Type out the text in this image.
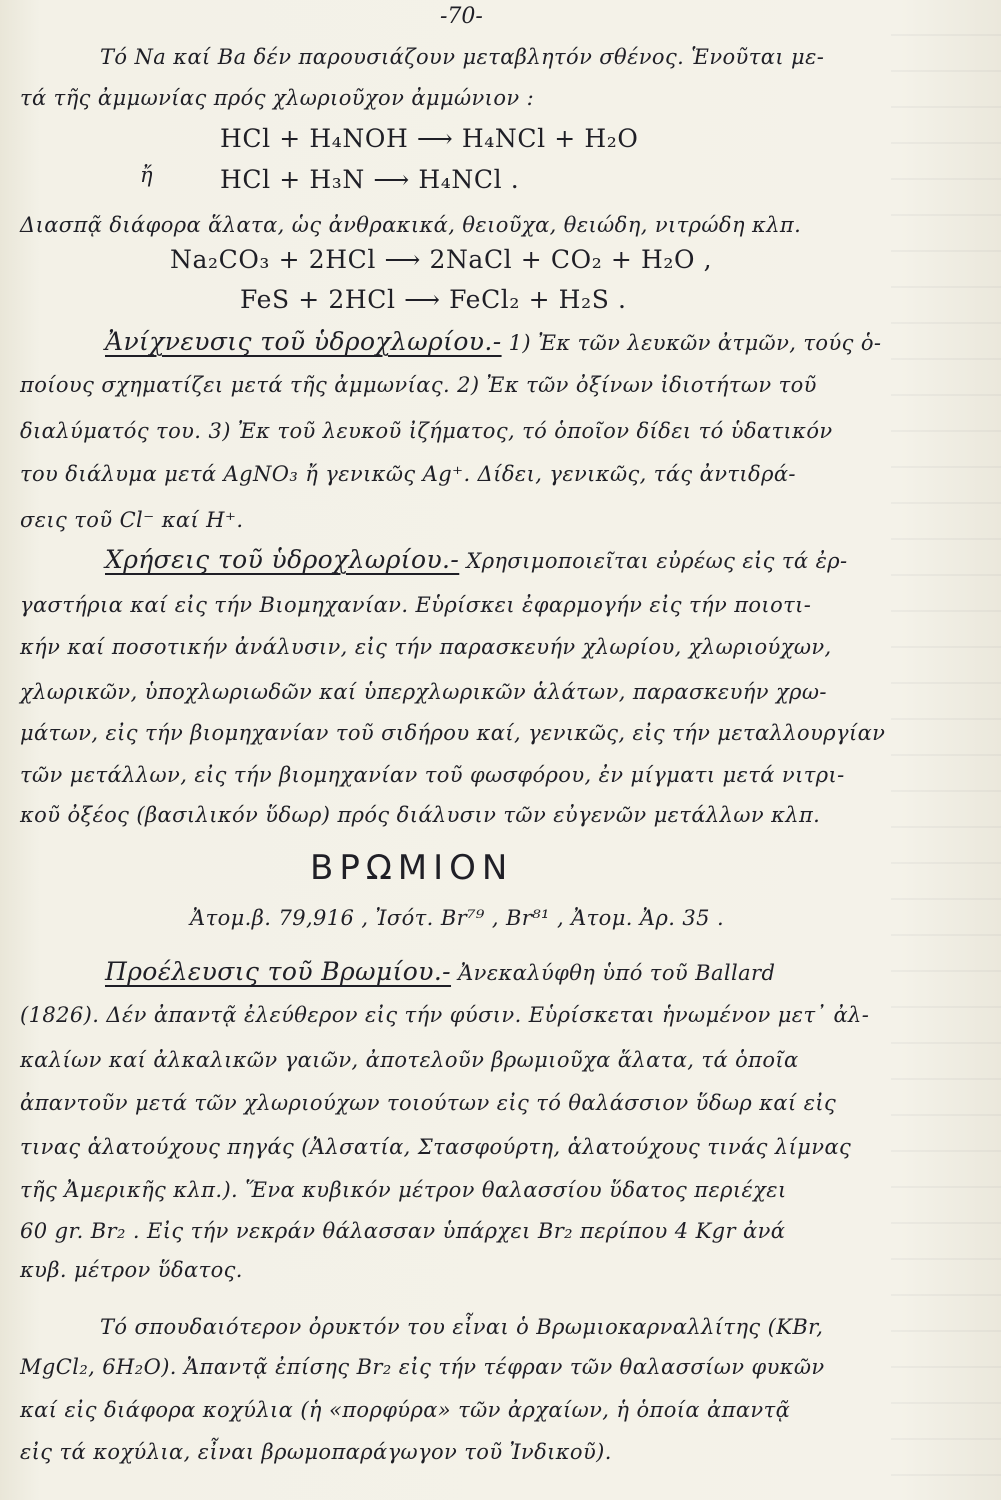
-70-
Τό Na καί Ba δέν παρουσιάζουν μεταβλητόν σθένος. Ἑνοῦται με-
τά τῆς ἀμμωνίας πρός χλωριοῦχον ἀμμώνιον :
HCl + H₄NOH ⟶ H₄NCl + H₂O
ἤ	HCl + H₃N ⟶ H₄NCl .
Διασπᾷ διάφορα ἅλατα, ὡς ἀνθρακικά, θειοῦχα, θειώδη, νιτρώδη κλπ.
Na₂CO₃ + 2HCl ⟶ 2NaCl + CO₂ + H₂O ,
FeS + 2HCl ⟶ FeCl₂ + H₂S .
Ἀνίχνευσις τοῦ ὑδροχλωρίου.- 1) Ἐκ τῶν λευκῶν ἀτμῶν, τούς ὁ-
ποίους σχηματίζει μετά τῆς ἀμμωνίας. 2) Ἐκ τῶν ὀξίνων ἰδιοτήτων τοῦ
διαλύματός του. 3) Ἐκ τοῦ λευκοῦ ἰζήματος, τό ὁποῖον δίδει τό ὑδατικόν
του διάλυμα μετά AgNO₃ ἤ γενικῶς Ag⁺. Δίδει, γενικῶς, τάς ἀντιδρά-
σεις τοῦ Cl⁻ καί H⁺.
Χρήσεις τοῦ ὑδροχλωρίου.- Χρησιμοποιεῖται εὐρέως εἰς τά ἐρ-
γαστήρια καί εἰς τήν Βιομηχανίαν. Εὑρίσκει ἐφαρμογήν εἰς τήν ποιοτι-
κήν καί ποσοτικήν ἀνάλυσιν, εἰς τήν παρασκευήν χλωρίου, χλωριούχων,
χλωρικῶν, ὑποχλωριωδῶν καί ὑπερχλωρικῶν ἁλάτων, παρασκευήν χρω-
μάτων, εἰς τήν βιομηχανίαν τοῦ σιδήρου καί, γενικῶς, εἰς τήν μεταλλουργίαν
τῶν μετάλλων, εἰς τήν βιομηχανίαν τοῦ φωσφόρου, ἐν μίγματι μετά νιτρι-
κοῦ ὀξέος (βασιλικόν ὕδωρ) πρός διάλυσιν τῶν εὐγενῶν μετάλλων κλπ.
ΒΡΩΜΙΟΝ
Ἀτομ.β. 79,916 , Ἰσότ. Br⁷⁹ , Br⁸¹ , Ἀτομ. Ἀρ. 35 .
Προέλευσις τοῦ Βρωμίου.- Ἀνεκαλύφθη ὑπό τοῦ Ballard
(1826). Δέν ἀπαντᾷ ἐλεύθερον εἰς τήν φύσιν. Εὑρίσκεται ἡνωμένον μετ᾽ ἀλ-
καλίων καί ἀλκαλικῶν γαιῶν, ἀποτελοῦν βρωμιοῦχα ἅλατα, τά ὁποῖα
ἀπαντοῦν μετά τῶν χλωριούχων τοιούτων εἰς τό θαλάσσιον ὕδωρ καί εἰς
τινας ἁλατούχους πηγάς (Ἀλσατία, Στασφούρτη, ἁλατούχους τινάς λίμνας
τῆς Ἀμερικῆς κλπ.). Ἕνα κυβικόν μέτρον θαλασσίου ὕδατος περιέχει
60 gr. Br₂ . Εἰς τήν νεκράν θάλασσαν ὑπάρχει Br₂ περίπου 4 Kgr ἀνά
κυβ. μέτρον ὕδατος.
Τό σπουδαιότερον ὀρυκτόν του εἶναι ὁ Βρωμιοκαρναλλίτης (KBr,
MgCl₂, 6H₂O). Ἀπαντᾷ ἐπίσης Br₂ εἰς τήν τέφραν τῶν θαλασσίων φυκῶν
καί εἰς διάφορα κοχύλια (ἡ «πορφύρα» τῶν ἀρχαίων, ἡ ὁποία ἀπαντᾷ
εἰς τά κοχύλια, εἶναι βρωμοπαράγωγον τοῦ Ἰνδικοῦ).
